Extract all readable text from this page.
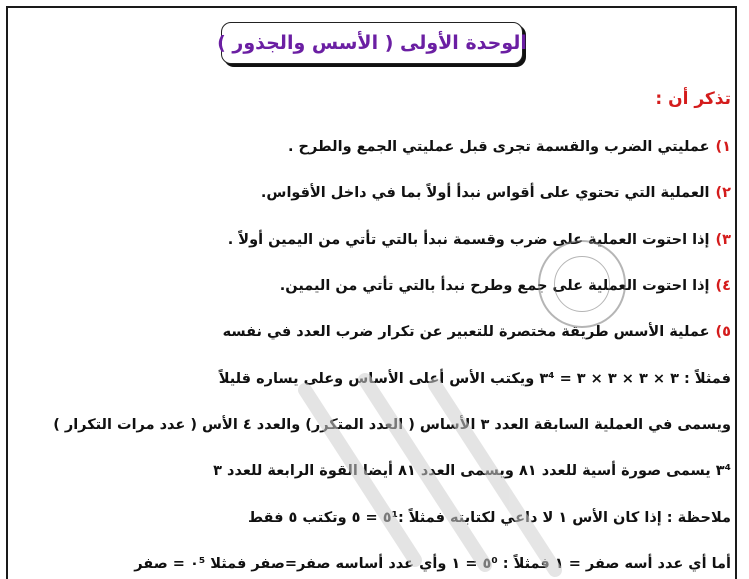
الوحدة الأولى ( الأسس والجذور )
تذكر أن :
١)عمليتي الضرب والقسمة تجرى قبل عمليتي الجمع والطرح .
٢)العملية التي تحتوي على أقواس نبدأ أولاً بما في داخل الأقواس.
٣)إذا احتوت العملية على ضرب وقسمة نبدأ بالتي تأتي من اليمين أولاً .
٤)إذا احتوت العملية على جمع وطرح نبدأ بالتي تأتي من اليمين.
٥)عملية الأسس طريقة مختصرة للتعبير عن تكرار ضرب العدد في نفسه
فمثلاً : ٣ × ٣ × ٣ × ٣ = ٣⁴ ويكتب الأس أعلى الأساس وعلى يساره قليلاً
ويسمى في العملية السابقة العدد ٣ الأساس ( العدد المتكرر) والعدد ٤ الأس ( عدد مرات التكرار )
٣⁴ يسمى صورة أسية للعدد ٨١ ويسمى العدد ٨١ أيضا القوة الرابعة للعدد ٣
ملاحظة : إذا كان الأس ١ لا داعي لكتابته فمثلاً :٥¹ = ٥ وتكتب ٥ فقط
أما أي عدد أسه صفر = ١ فمثلاً : ٥⁰ = ١ وأي عدد أساسه صفر=صفر فمثلا ٠⁵ = صفر
